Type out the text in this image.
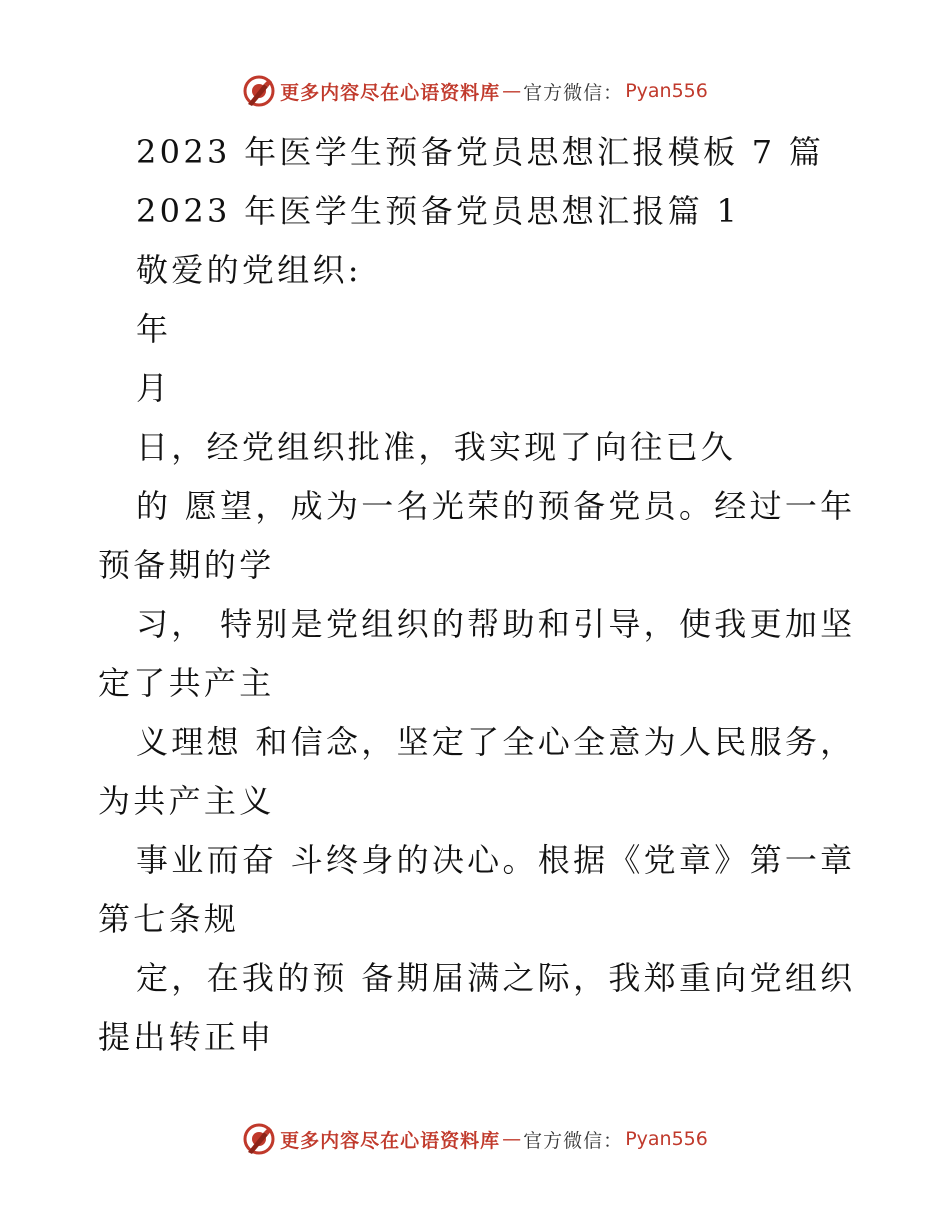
更多内容尽在心语资料库 — 官方微信： Pyan556
2023 年医学生预备党员思想汇报模板 7 篇
2023 年医学生预备党员思想汇报篇 1
敬爱的党组织:
年
月
日，经党组织批准，我实现了向往已久
的 愿望，成为一名光荣的预备党员。经过一年
预备期的学
习， 特别是党组织的帮助和引导，使我更加坚
定了共产主
义理想 和信念，坚定了全心全意为人民服务，
为共产主义
事业而奋 斗终身的决心。根据《党章》第一章
第七条规
定，在我的预 备期届满之际，我郑重向党组织
提出转正申
更多内容尽在心语资料库 — 官方微信： Pyan556
